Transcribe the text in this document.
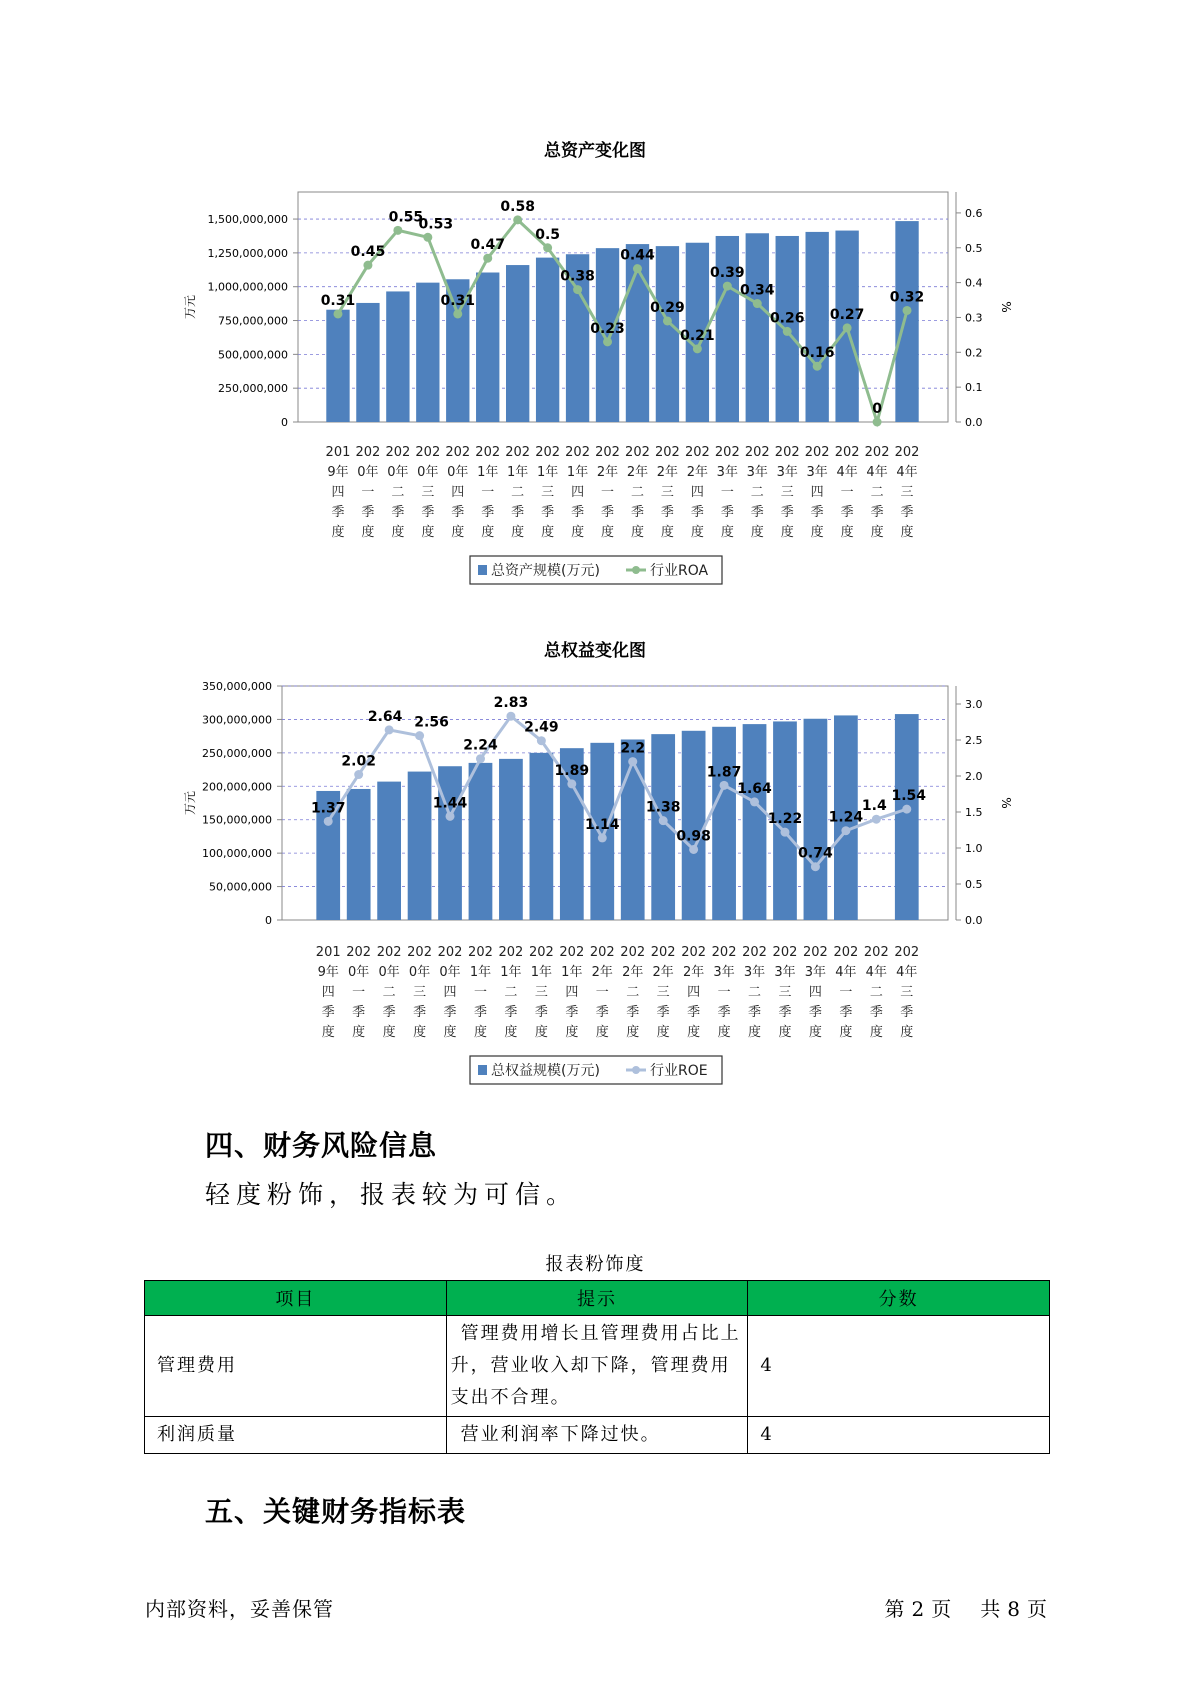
总资产变化图
0
250,000,000
500,000,000
750,000,000
1,000,000,000
1,250,000,000
1,500,000,000
0.0
0.1
0.2
0.3
0.4
0.5
0.6
万元	%
0.31
0.45
0.55
0.53
0.31
0.47
0.58
0.5
0.38
0.23
0.44
0.29
0.21
0.39
0.34
0.26
0.16
0.27
0
0.32
201
9年
四
季
度
202
0年
一
季
度
202
0年
二
季
度
202
0年
三
季
度
202
0年
四
季
度
202
1年
一
季
度
202
1年
二
季
度
202
1年
三
季
度
202
1年
四
季
度
202
2年
一
季
度
202
2年
二
季
度
202
2年
三
季
度
202
2年
四
季
度
202
3年
一
季
度
202
3年
二
季
度
202
3年
三
季
度
202
3年
四
季
度
202
4年
一
季
度
202
4年
二
季
度
202
4年
三
季
度
总资产规模(万元)	行业ROA
总权益变化图
0
50,000,000
100,000,000
150,000,000
200,000,000
250,000,000
300,000,000
350,000,000
0.0
0.5
1.0
1.5
2.0
2.5
3.0
万元	%
1.37
2.02
2.64 2.56
1.44
2.24
2.83
2.49
1.89
1.14
2.2
1.38
0.98
1.87
1.64
1.22
0.74
1.24
1.4
1.54
201
9年
四
季
度
202
0年
一
季
度
202
0年
二
季
度
202
0年
三
季
度
202
0年
四
季
度
202
1年
一
季
度
202
1年
二
季
度
202
1年
三
季
度
202
1年
四
季
度
202
2年
一
季
度
202
2年
二
季
度
202
2年
三
季
度
202
2年
四
季
度
202
3年
一
季
度
202
3年
二
季
度
202
3年
三
季
度
202
3年
四
季
度
202
4年
一
季
度
202
4年
二
季
度
202
4年
三
季
度
总权益规模(万元)	行业ROE
四、财务风险信息

轻度粉饰，报表较为可信。

报表粉饰度
项目	提示	分数
管理费用	管理费用增长且管理费用占比上升，营业收入却下降，管理费用支出不合理。	4
利润质量	营业利润率下降过快。	4
五、关键财务指标表
内部资料，妥善保管	第 2 页 共 8 页
